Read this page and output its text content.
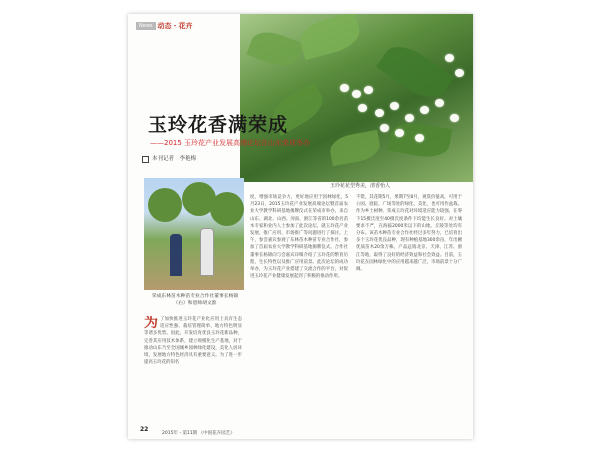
News 动态・花卉
玉玲花花型秀美，清香怡人
玉玲花香满荣成
——2015 玉玲花产业发展高端论坛在山东荣成举办
本刊记者　李艳梅
荣成东林苗木种苗专业合作社董事长杨锦（右）和恩师胡文淮
为 了加快推进玉玲花产业化应用上具有生态适应性强、栽培管理简单、地方特色明显等诸多优势。因此，开发培育优良玉玲花新品种，完善其应用技术体系，建立规模化生产基地，对于推动山东乃至全国城乡园林绿化建设，美化人居环境，发展地方特色经济具有重要意义。为了进一步提高玉玲花的知名
度，增强市场竞争力，更好地应用于园林绿化，5月23日，2015玉玲花产业发展高端论坛暨首届农业大学教学科研基地揭牌仪式在荣成市举办，来自山东、湖北、山西、河南、浙江等省的100余名苗木专家和业内人士参加了此次论坛，就玉玲花产业发展、推广应用、市场推广等问题进行了探讨。上午，参会嘉宾参观了东林苗木种苗专业合作社，参加了首届农业大学教学科研基地揭牌仪式。合作社董事长杨锦向与会嘉宾详细介绍了玉玲花的繁育历程、生长特性以及推广应用前景。此次论坛的成功举办，为玉玲花产业搭建了交流合作的平台，对促进玉玲花产业健康发展起到了积极的推动作用。
不错，其花期5月，果期7至8月，观赏价值高，可用于公园、庭院、广场等处的绿化、美化，也可用作盆栽。作为乡土树种，荣成玉玲花对环境适应能力较强，在零下15摄氏度至40摄氏度条件下均能生长良好。对土壤要求不严，在海拔2000米以下的山地、丘陵等处均有分布。该苗木种苗专业合作社经过多年努力，已培育出多个玉玲花优良品种，现有种植基地300余亩，年出圃优质苗木20余万株，产品远销北京、天津、江苏、浙江等地，取得了良好的经济效益和社会效益。目前，玉玲花在园林绿化中的应用越来越广泛，市场前景十分广阔。
22
2015年・第11期 《中国花卉园艺》
